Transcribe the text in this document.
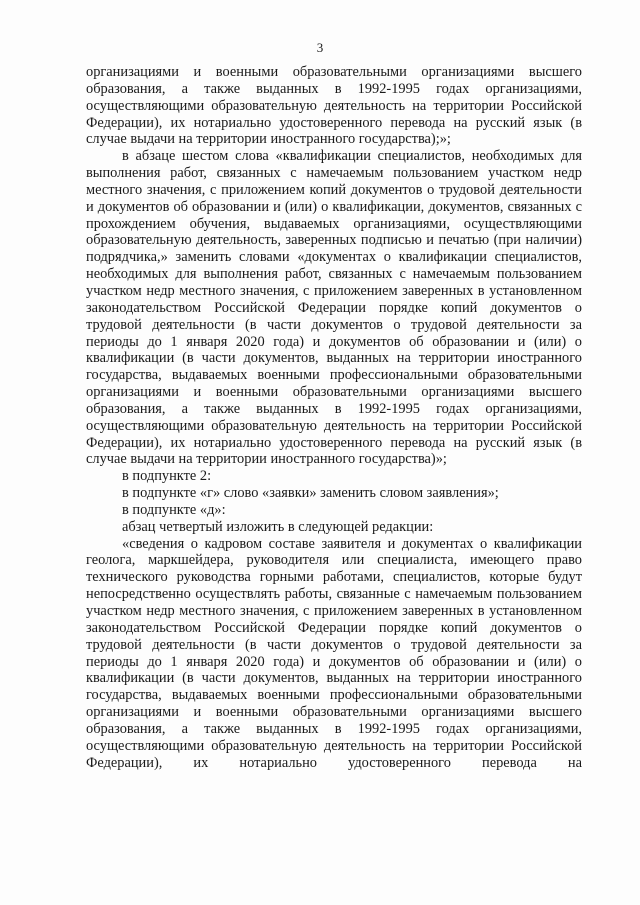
3

организациями и военными образовательными организациями высшего образования, а также выданных в 1992-1995 годах организациями, осуществляющими образовательную деятельность на территории Российской Федерации), их нотариально удостоверенного перевода на русский язык (в случае выдачи на территории иностранного государства);»;

в абзаце шестом слова «квалификации специалистов, необходимых для выполнения работ, связанных с намечаемым пользованием участком недр местного значения, с приложением копий документов о трудовой деятельности и документов об образовании и (или) о квалификации, документов, связанных с прохождением обучения, выдаваемых организациями, осуществляющими образовательную деятельность, заверенных подписью и печатью (при наличии) подрядчика,» заменить словами «документах о квалификации специалистов, необходимых для выполнения работ, связанных с намечаемым пользованием участком недр местного значения, с приложением заверенных в установленном законодательством Российской Федерации порядке копий документов о трудовой деятельности (в части документов о трудовой деятельности за периоды до 1 января 2020 года) и документов об образовании и (или) о квалификации (в части документов, выданных на территории иностранного государства, выдаваемых военными профессиональными образовательными организациями и военными образовательными организациями высшего образования, а также выданных в 1992-1995 годах организациями, осуществляющими образовательную деятельность на территории Российской Федерации), их нотариально удостоверенного перевода на русский язык (в случае выдачи на территории иностранного государства)»;

в подпункте 2:

в подпункте «г» слово «заявки» заменить словом заявления»;

в подпункте «д»:

абзац четвертый изложить в следующей редакции:

«сведения о кадровом составе заявителя и документах о квалификации геолога, маркшейдера, руководителя или специалиста, имеющего право технического руководства горными работами, специалистов, которые будут непосредственно осуществлять работы, связанные с намечаемым пользованием участком недр местного значения, с приложением заверенных в установленном законодательством Российской Федерации порядке копий документов о трудовой деятельности (в части документов о трудовой деятельности за периоды до 1 января 2020 года) и документов об образовании и (или) о квалификации (в части документов, выданных на территории иностранного государства, выдаваемых военными профессиональными образовательными организациями и военными образовательными организациями высшего образования, а также выданных в 1992-1995 годах организациями, осуществляющими образовательную деятельность на территории Российской Федерации), их нотариально удостоверенного перевода на
